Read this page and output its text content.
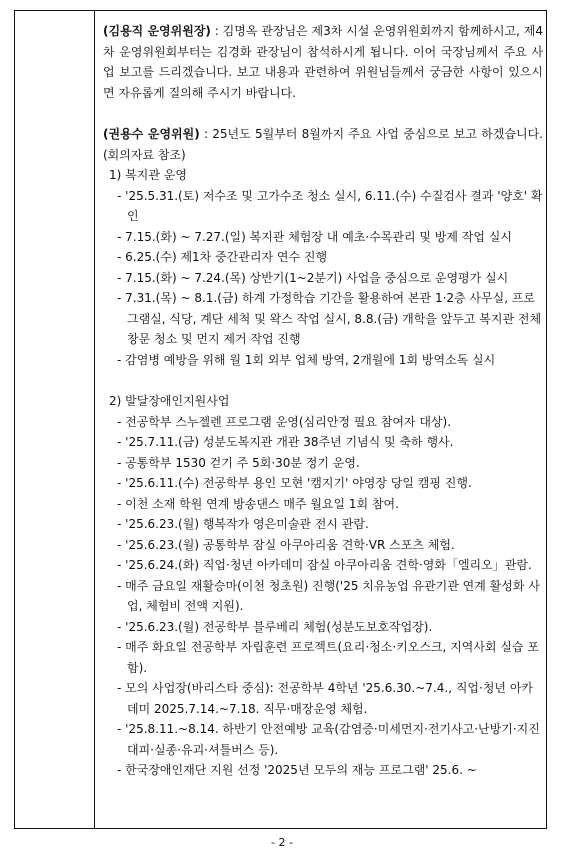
(김용직 운영위원장) : 김명옥 관장님은 제3차 시설 운영위원회까지 함께하시고, 제4차 운영위원회부터는 김경화 관장님이 참석하시게 됩니다. 이어 국장님께서 주요 사업 보고를 드리겠습니다. 보고 내용과 관련하여 위원님들께서 궁금한 사항이 있으시면 자유롭게 질의해 주시기 바랍니다.

(권용수 운영위원) : 25년도 5월부터 8월까지 주요 사업 중심으로 보고 하겠습니다. (회의자료 참조)

1) 복지관 운영

- '25.5.31.(토) 저수조 및 고가수조 청소 실시, 6.11.(수) 수질검사 결과 '양호' 확인

- 7.15.(화) ~ 7.27.(일) 복지관 체험장 내 예초·수목관리 및 방제 작업 실시

- 6.25.(수) 제1차 중간관리자 연수 진행

- 7.15.(화) ~ 7.24.(목) 상반기(1~2분기) 사업을 중심으로 운영평가 실시

- 7.31.(목) ~ 8.1.(금) 하계 가정학습 기간을 활용하여 본관 1·2층 사무실, 프로그램실, 식당, 계단 세척 및 왁스 작업 실시, 8.8.(금) 개학을 앞두고 복지관 전체 창문 청소 및 먼지 제거 작업 진행

- 감염병 예방을 위해 월 1회 외부 업체 방역, 2개월에 1회 방역소독 실시

2) 발달장애인지원사업

- 전공학부 스누젤렌 프로그램 운영(심리안정 필요 참여자 대상).

- '25.7.11.(금) 성분도복지관 개관 38주년 기념식 및 축하 행사.

- 공통학부 1530 걷기 주 5회·30분 정기 운영.

- '25.6.11.(수) 전공학부 용인 모현 '캠지기' 야영장 당일 캠핑 진행.

- 이천 소재 학원 연계 방송댄스 매주 월요일 1회 참여.

- '25.6.23.(월) 행복작가 영은미술관 전시 관람.

- '25.6.23.(월) 공통학부 잠실 아쿠아리움 견학·VR 스포츠 체험.

- '25.6.24.(화) 직업·청년 아카데미 잠실 아쿠아리움 견학·영화「엘리오」관람.

- 매주 금요일 재활승마(이천 청초원) 진행('25 치유농업 유관기관 연계 활성화 사업, 체험비 전액 지원).

- '25.6.23.(월) 전공학부 블루베리 체험(성분도보호작업장).

- 매주 화요일 전공학부 자립훈련 프로젝트(요리·청소·키오스크, 지역사회 실습 포함).

- 모의 사업장(바리스타 중심): 전공학부 4학년 '25.6.30.~7.4., 직업·청년 아카데미 2025.7.14.~7.18. 직무·매장운영 체험.

- '25.8.11.~8.14. 하반기 안전예방 교육(감염증·미세먼지·전기사고·난방기·지진대피·실종·유괴·셔틀버스 등).

- 한국장애인재단 지원 선정 '2025년 모두의 재능 프로그램' 25.6. ~

- 2 -
